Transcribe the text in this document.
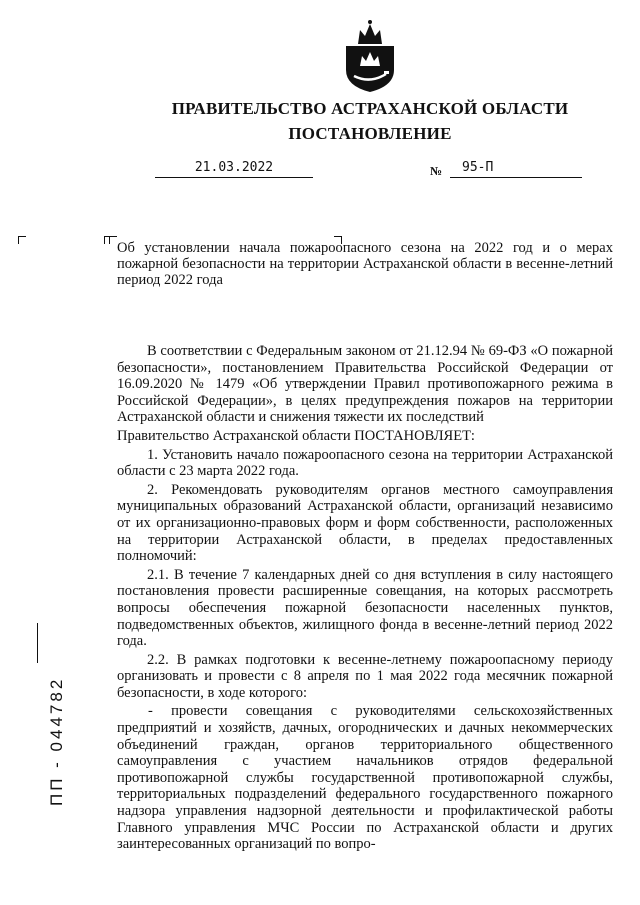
ПРАВИТЕЛЬСТВО АСТРАХАНСКОЙ ОБЛАСТИ
ПОСТАНОВЛЕНИЕ
21.03.2022	№	95-П
Об установлении начала пожароопасного сезона на 2022 год и о мерах пожарной безопасности на территории Астраханской области в весенне-летний период 2022 года

В соответствии с Федеральным законом от 21.12.94 № 69-ФЗ «О пожарной безопасности», постановлением Правительства Российской Федерации от 16.09.2020 № 1479 «Об утверждении Правил противопожарного режима в Российской Федерации», в целях предупреждения пожаров на территории Астраханской области и снижения тяжести их последствий

Правительство Астраханской области ПОСТАНОВЛЯЕТ:

1. Установить начало пожароопасного сезона на территории Астраханской области с 23 марта 2022 года.

2. Рекомендовать руководителям органов местного самоуправления муниципальных образований Астраханской области, организаций независимо от их организационно-правовых форм и форм собственности, расположенных на территории Астраханской области, в пределах предоставленных полномочий:

2.1. В течение 7 календарных дней со дня вступления в силу настоящего постановления провести расширенные совещания, на которых рассмотреть вопросы обеспечения пожарной безопасности населенных пунктов, подведомственных объектов, жилищного фонда в весенне-летний период 2022 года.

2.2. В рамках подготовки к весенне-летнему пожароопасному периоду организовать и провести с 8 апреля по 1 мая 2022 года месячник пожарной безопасности, в ходе которого:

- провести совещания с руководителями сельскохозяйственных предприятий и хозяйств, дачных, огороднических и дачных некоммерческих объединений граждан, органов территориального общественного самоуправления с участием начальников отрядов федеральной противопожарной службы государственной противопожарной службы, территориальных подразделений федерального государственного пожарного надзора управления надзорной деятельности и профилактической работы Главного управления МЧС России по Астраханской области и других заинтересованных организаций по вопро-

ПП - 044782
